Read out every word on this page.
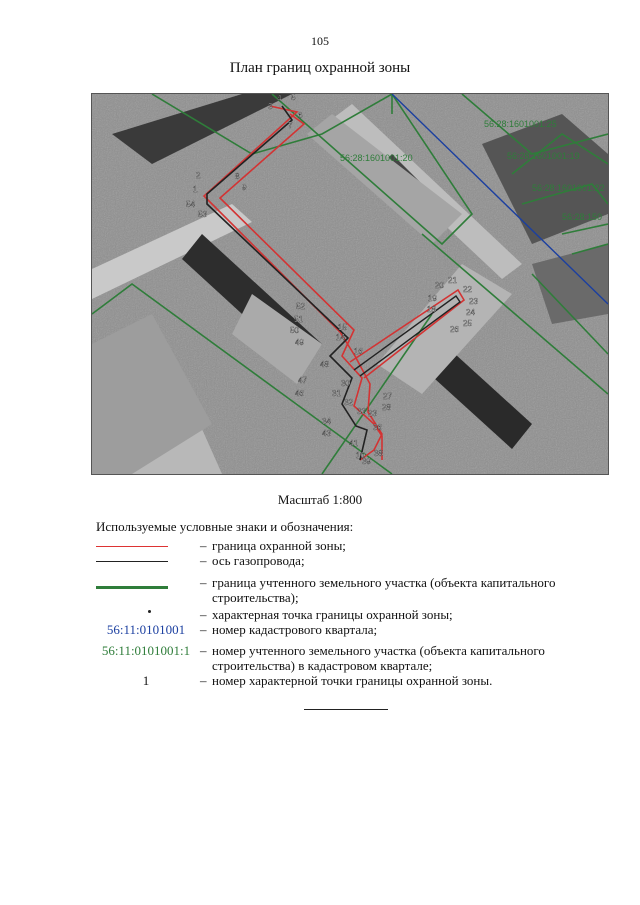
105
План границ охранной зоны
56:28:1601001:20
56:28:1601001:25
56:28:1601001:19
56:28:1601001:22
56:28:150
1
2
3
4 5
6
7
8
9
10
14
15
16
18
19
20
21
22
23
24
25
26
27
28
30
31
32
33 23
34
36
38
39
41
43
46
47
48
49
50
51
52
53
54
Масштаб 1:800
Используемые условные знаки и обозначения:
– граница охранной зоны;
– ось газопровода;
– граница учтенного земельного участка (объекта капитального строительства);
– характерная точка границы охранной зоны;
56:11:0101001	– номер кадастрового квартала;
56:11:0101001:1 – номер учтенного земельного участка (объекта капитального строительства) в кадастровом квартале;
1	– номер характерной точки границы охранной зоны.
